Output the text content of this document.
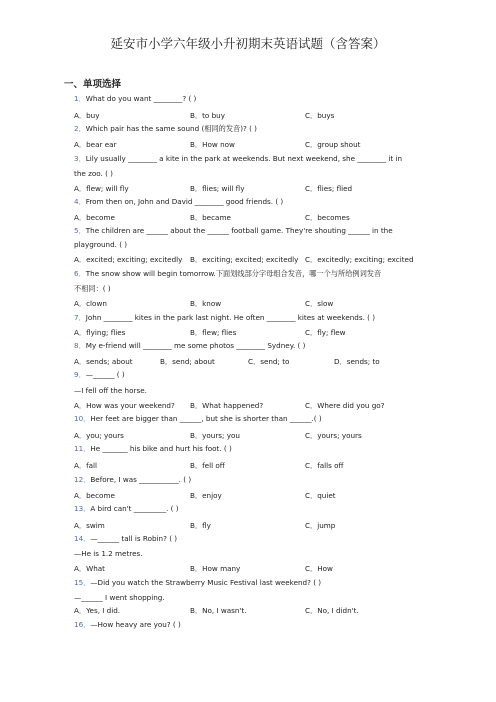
延安市小学六年级小升初期末英语试题（含答案）
一、单项选择
1．What do you want ________? ( )
A．buy	B．to buy	C．buys
2．Which pair has the same sound (相同的发音)? ( )
A．bear ear	B．How now	C．group shout
3．Lily usually ________ a kite in the park at weekends. But next weekend, she ________ it in
the zoo. ( )
A．flew; will fly	B．flies; will fly	C．flies; flied
4．From then on, John and David ________ good friends. ( )
A．become	B．became	C．becomes
5．The children are ______ about the ______ football game. They're shouting ______ in the
playground. ( )
A．excited; exciting; excitedly B．exciting; excited; excitedly C．excitedly; exciting; excited
6．The snow show will begin tomorrow.下面划线部分字母组合发音，哪一个与所给例词发音
不相同：( )
A．clown	B．know	C．slow
7．John ________ kites in the park last night. He often ________ kites at weekends. ( )
A．flying; flies	B．flew; flies	C．fly; flew
8．My e-friend will ________ me some photos ________ Sydney. ( )
A．sends; about	B．send; about	C．send; to	D．sends; to
9．—______ ( )
—I fell off the horse.
A．How was your weekend? B．What happened?	C．Where did you go?
10．Her feet are bigger than ______, but she is shorter than ______.( )
A．you; yours	B．yours; you	C．yours; yours
11．He _______ his bike and hurt his foot. ( )
A．fall	B．fell off	C．falls off
12．Before, I was ___________. ( )
A．become	B．enjoy	C．quiet
13．A bird can't _________. ( )
A．swim	B．fly	C．jump
14．—______ tall is Robin? ( )
—He is 1.2 metres.
A．What	B．How many	C．How
15．—Did you watch the Strawberry Music Festival last weekend? ( )
—______ I went shopping.
A．Yes, I did.	B．No, I wasn't.	C．No, I didn't.
16．—How heavy are you? ( )
